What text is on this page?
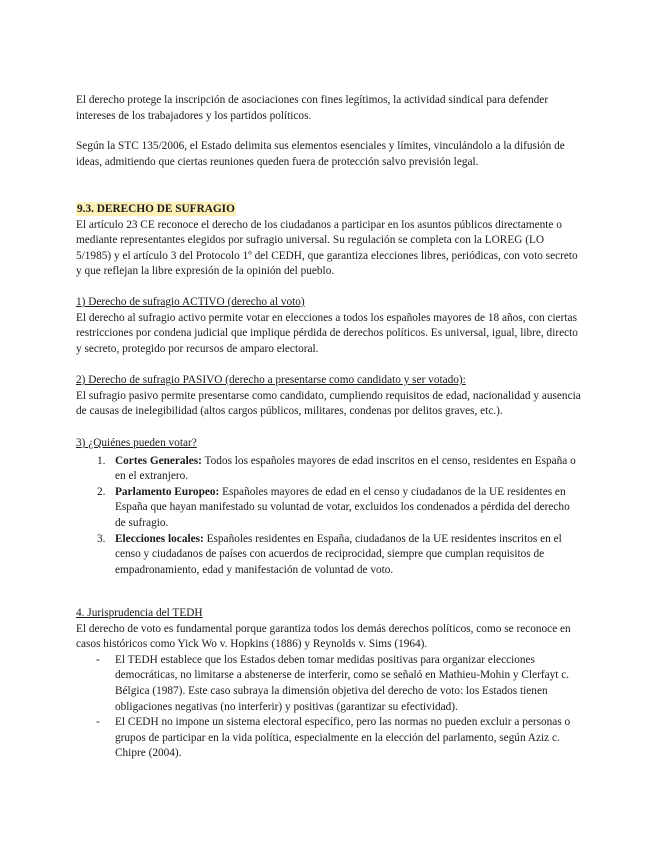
El derecho protege la inscripción de asociaciones con fines legítimos, la actividad sindical para defender intereses de los trabajadores y los partidos políticos.

Según la STC 135/2006, el Estado delimita sus elementos esenciales y límites, vinculándolo a la difusión de ideas, admitiendo que ciertas reuniones queden fuera de protección salvo previsión legal.

9.3. DERECHO DE SUFRAGIO

El artículo 23 CE reconoce el derecho de los ciudadanos a participar en los asuntos públicos directamente o mediante representantes elegidos por sufragio universal. Su regulación se completa con la LOREG (LO 5/1985) y el artículo 3 del Protocolo 1º del CEDH, que garantiza elecciones libres, periódicas, con voto secreto y que reflejan la libre expresión de la opinión del pueblo.

1) Derecho de sufragio ACTIVO (derecho al voto)

El derecho al sufragio activo permite votar en elecciones a todos los españoles mayores de 18 años, con ciertas restricciones por condena judicial que implique pérdida de derechos políticos. Es universal, igual, libre, directo y secreto, protegido por recursos de amparo electoral.

2) Derecho de sufragio PASIVO (derecho a presentarse como candidato y ser votado):

El sufragio pasivo permite presentarse como candidato, cumpliendo requisitos de edad, nacionalidad y ausencia de causas de inelegibilidad (altos cargos públicos, militares, condenas por delitos graves, etc.).

3) ¿Quiénes pueden votar?

1. Cortes Generales: Todos los españoles mayores de edad inscritos en el censo, residentes en España o en el extranjero.
2. Parlamento Europeo: Españoles mayores de edad en el censo y ciudadanos de la UE residentes en España que hayan manifestado su voluntad de votar, excluidos los condenados a pérdida del derecho de sufragio.
3. Elecciones locales: Españoles residentes en España, ciudadanos de la UE residentes inscritos en el censo y ciudadanos de países con acuerdos de reciprocidad, siempre que cumplan requisitos de empadronamiento, edad y manifestación de voluntad de voto.

4. Jurisprudencia del TEDH

El derecho de voto es fundamental porque garantiza todos los demás derechos políticos, como se reconoce en casos históricos como Yick Wo v. Hopkins (1886) y Reynolds v. Sims (1964).

- El TEDH establece que los Estados deben tomar medidas positivas para organizar elecciones democráticas, no limitarse a abstenerse de interferir, como se señaló en Mathieu-Mohin y Clerfayt c. Bélgica (1987). Este caso subraya la dimensión objetiva del derecho de voto: los Estados tienen obligaciones negativas (no interferir) y positivas (garantizar su efectividad).
- El CEDH no impone un sistema electoral específico, pero las normas no pueden excluir a personas o grupos de participar en la vida política, especialmente en la elección del parlamento, según Aziz c. Chipre (2004).
